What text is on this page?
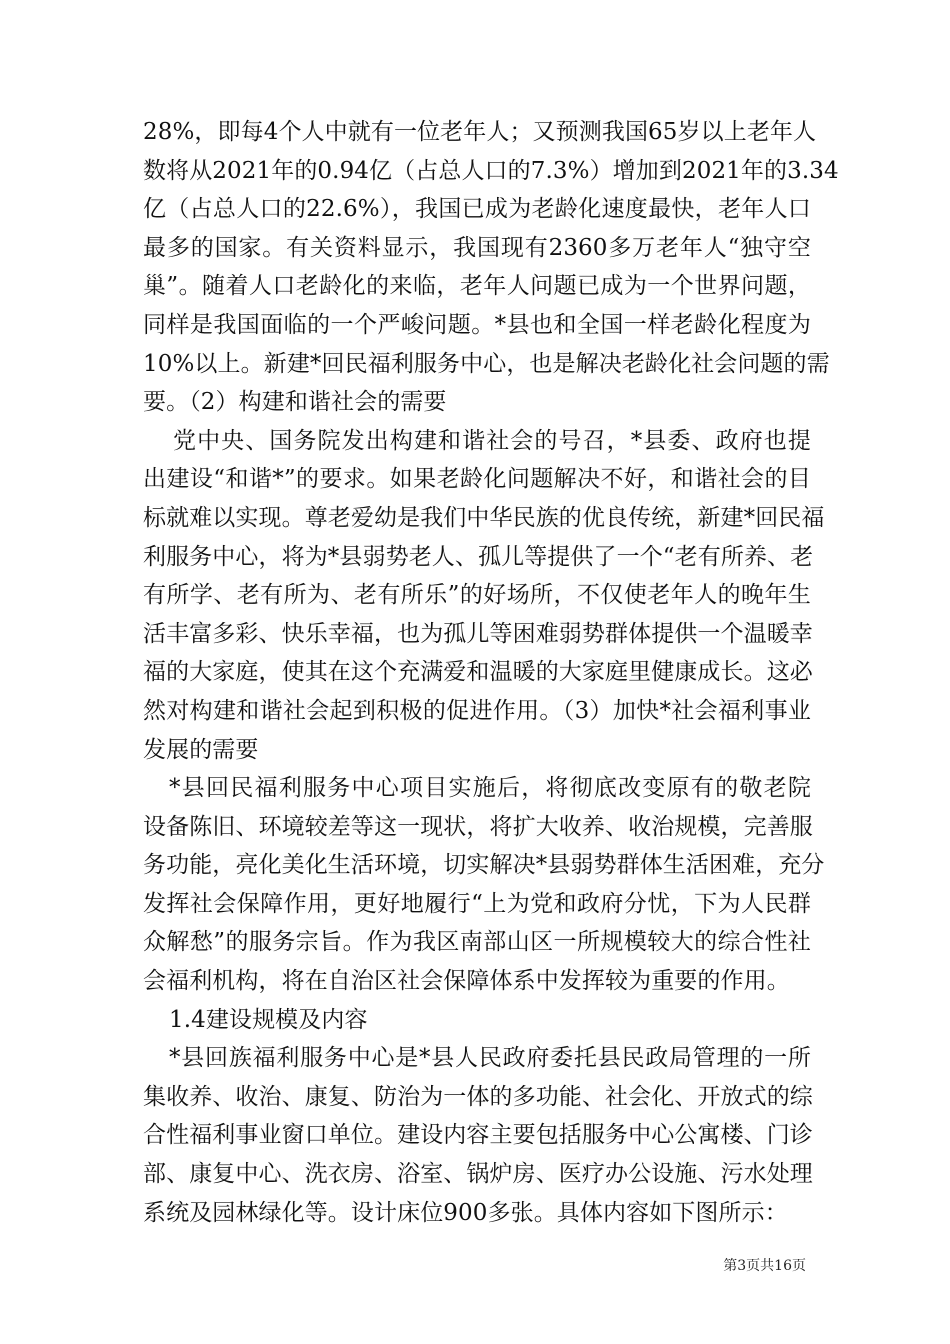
28%，即每4个人中就有一位老年人；又预测我国65岁以上老年人
数将从2021年的0.94亿（占总人口的7.3%）增加到2021年的3.34
亿（占总人口的22.6%），我国已成为老龄化速度最快，老年人口
最多的国家。有关资料显示，我国现有2360多万老年人“独守空
巢”。随着人口老龄化的来临，老年人问题已成为一个世界问题，
同样是我国面临的一个严峻问题。*县也和全国一样老龄化程度为
10%以上。新建*回民福利服务中心，也是解决老龄化社会问题的需
要。（2）构建和谐社会的需要
党中央、国务院发出构建和谐社会的号召，*县委、政府也提
出建设“和谐*”的要求。如果老龄化问题解决不好，和谐社会的目
标就难以实现。尊老爱幼是我们中华民族的优良传统，新建*回民福
利服务中心，将为*县弱势老人、孤儿等提供了一个“老有所养、老
有所学、老有所为、老有所乐”的好场所，不仅使老年人的晚年生
活丰富多彩、快乐幸福，也为孤儿等困难弱势群体提供一个温暖幸
福的大家庭，使其在这个充满爱和温暖的大家庭里健康成长。这必
然对构建和谐社会起到积极的促进作用。（3）加快*社会福利事业
发展的需要
*县回民福利服务中心项目实施后，将彻底改变原有的敬老院
设备陈旧、环境较差等这一现状，将扩大收养、收治规模，完善服
务功能，亮化美化生活环境，切实解决*县弱势群体生活困难，充分
发挥社会保障作用，更好地履行“上为党和政府分忧，下为人民群
众解愁”的服务宗旨。作为我区南部山区一所规模较大的综合性社
会福利机构，将在自治区社会保障体系中发挥较为重要的作用。
1.4建设规模及内容
*县回族福利服务中心是*县人民政府委托县民政局管理的一所
集收养、收治、康复、防治为一体的多功能、社会化、开放式的综
合性福利事业窗口单位。建设内容主要包括服务中心公寓楼、门诊
部、康复中心、洗衣房、浴室、锅炉房、医疗办公设施、污水处理
系统及园林绿化等。设计床位900多张。具体内容如下图所示：
第3页共16页
